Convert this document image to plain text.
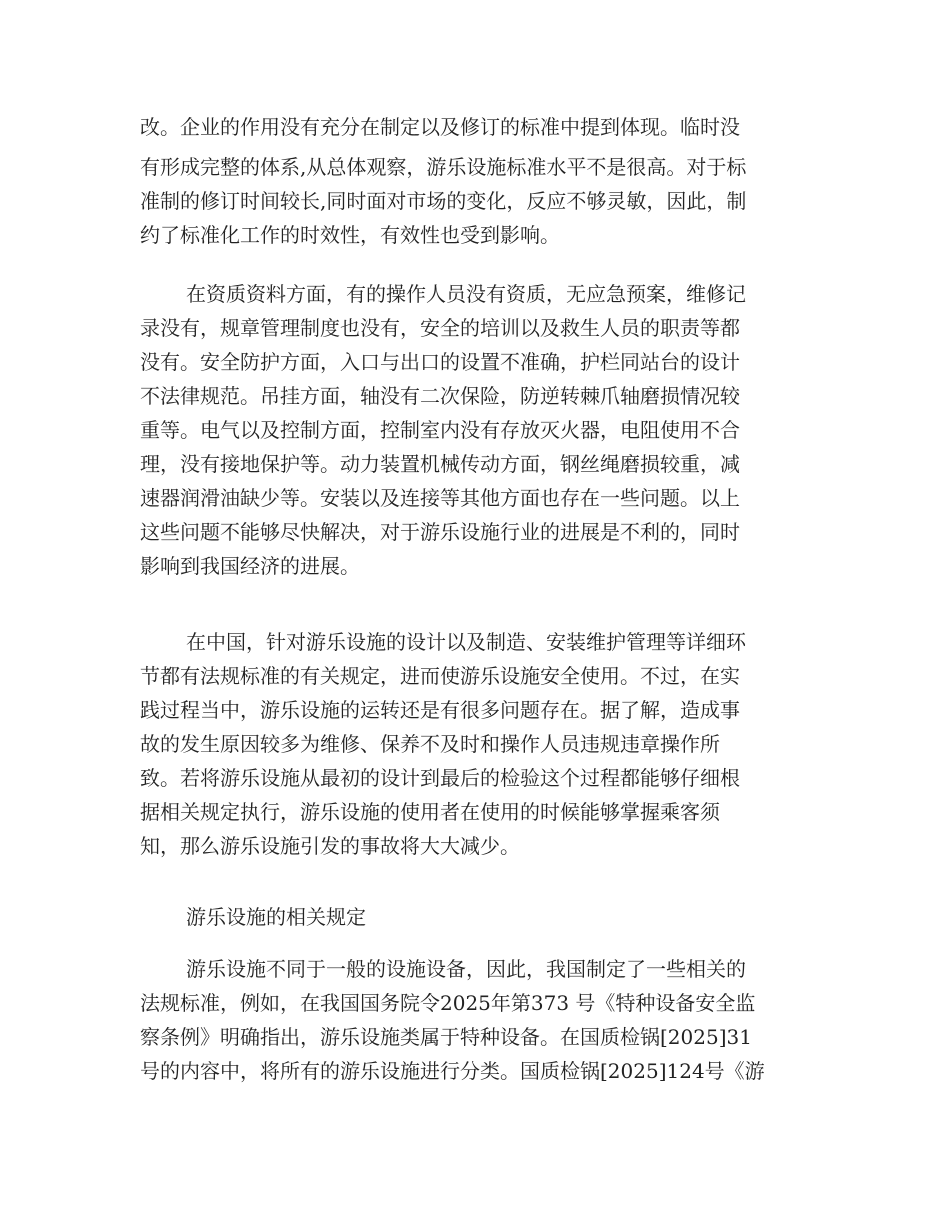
改。企业的作用没有充分在制定以及修订的标准中提到体现。临时没
有形成完整的体系,从总体观察，游乐设施标准水平不是很高。对于标
准制的修订时间较长,同时面对市场的变化，反应不够灵敏，因此，制
约了标准化工作的时效性，有效性也受到影响。
在资质资料方面，有的操作人员没有资质，无应急预案，维修记
录没有，规章管理制度也没有，安全的培训以及救生人员的职责等都
没有。安全防护方面，入口与出口的设置不准确，护栏同站台的设计
不法律规范。吊挂方面，轴没有二次保险，防逆转棘爪轴磨损情况较
重等。电气以及控制方面，控制室内没有存放灭火器，电阻使用不合
理，没有接地保护等。动力装置机械传动方面，钢丝绳磨损较重，减
速器润滑油缺少等。安装以及连接等其他方面也存在一些问题。以上
这些问题不能够尽快解决，对于游乐设施行业的进展是不利的，同时
影响到我国经济的进展。
在中国，针对游乐设施的设计以及制造、安装维护管理等详细环
节都有法规标准的有关规定，进而使游乐设施安全使用。不过，在实
践过程当中，游乐设施的运转还是有很多问题存在。据了解，造成事
故的发生原因较多为维修、保养不及时和操作人员违规违章操作所
致。若将游乐设施从最初的设计到最后的检验这个过程都能够仔细根
据相关规定执行，游乐设施的使用者在使用的时候能够掌握乘客须
知，那么游乐设施引发的事故将大大减少。
游乐设施的相关规定
游乐设施不同于一般的设施设备，因此，我国制定了一些相关的
法规标准，例如，在我国国务院令2025年第373 号《特种设备安全监
察条例》明确指出，游乐设施类属于特种设备。在国质检锅[2025]31
号的内容中，将所有的游乐设施进行分类。国质检锅[2025]124号《游
